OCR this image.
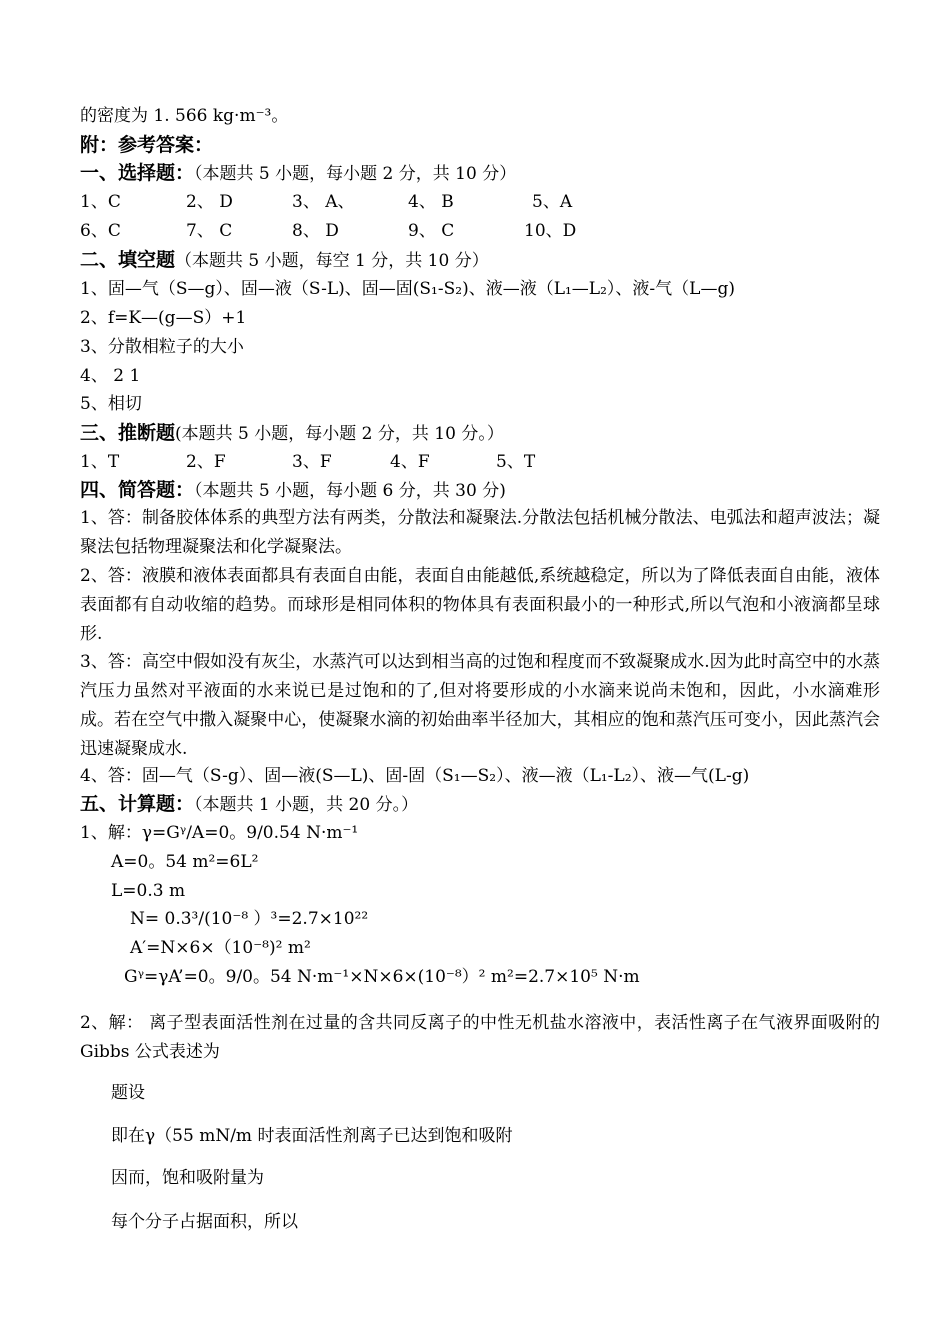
的密度为 1. 566 kg·m⁻³。
附：参考答案：
一、选择题：（本题共 5 小题，每小题 2 分，共 10 分）
1、C	2、 D	3、 A、	4、 B	5、A
6、C	7、 C	8、 D	9、 C	10、D
二、填空题（本题共 5 小题，每空 1 分，共 10 分）
1、固—气（S—g）、固—液（S-L)、固—固(S₁-S₂)、液—液（L₁—L₂）、液-气（L—g)
2、f=K—(g—S）+1
3、分散相粒子的大小
4、 2 1
5、相切
三、推断题(本题共 5 小题，每小题 2 分，共 10 分。）
1、T	2、F	3、F	4、F	5、T
四、简答题：（本题共 5 小题，每小题 6 分，共 30 分)
1、答：制备胶体体系的典型方法有两类，分散法和凝聚法.分散法包括机械分散法、电弧法和超声波法；凝聚法包括物理凝聚法和化学凝聚法。
2、答：液膜和液体表面都具有表面自由能，表面自由能越低,系统越稳定，所以为了降低表面自由能，液体表面都有自动收缩的趋势。而球形是相同体积的物体具有表面积最小的一种形式,所以气泡和小液滴都呈球形.
3、答：高空中假如没有灰尘，水蒸汽可以达到相当高的过饱和程度而不致凝聚成水.因为此时高空中的水蒸汽压力虽然对平液面的水来说已是过饱和的了,但对将要形成的小水滴来说尚未饱和，因此，小水滴难形成。若在空气中撒入凝聚中心，使凝聚水滴的初始曲率半径加大，其相应的饱和蒸汽压可变小，因此蒸汽会迅速凝聚成水.
4、答：固—气（S-g）、固—液(S—L)、固-固（S₁—S₂）、液—液（L₁-L₂）、液—气(L-g)
五、计算题：（本题共 1 小题，共 20 分。）
1、解：γ=Gᵞ/A=0。9/0.54 N·m⁻¹
A=0。54 m²=6L²
L=0.3 m
N= 0.3³/(10⁻⁸ ）³=2.7×10²²
A′=N×6×（10⁻⁸)² m²
Gᵞ=γA’=0。9/0。54 N·m⁻¹×N×6×(10⁻⁸）² m²=2.7×10⁵ N·m
2、解： 离子型表面活性剂在过量的含共同反离子的中性无机盐水溶液中，表活性离子在气液界面吸附的 Gibbs 公式表述为
题设
即在γ（55 mN/m 时表面活性剂离子已达到饱和吸附
因而，饱和吸附量为
每个分子占据面积，所以
